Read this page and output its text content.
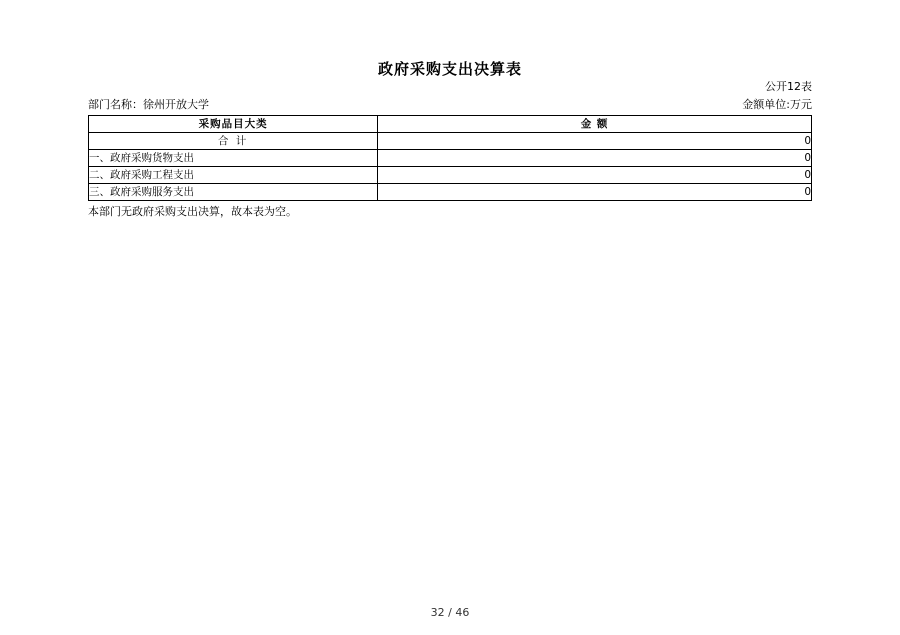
政府采购支出决算表
公开12表
部门名称：徐州开放大学	金额单位:万元
采购品目大类	金 额
合 计	0
一、政府采购货物支出	0
二、政府采购工程支出	0
三、政府采购服务支出	0
本部门无政府采购支出决算，故本表为空。
32 / 46
